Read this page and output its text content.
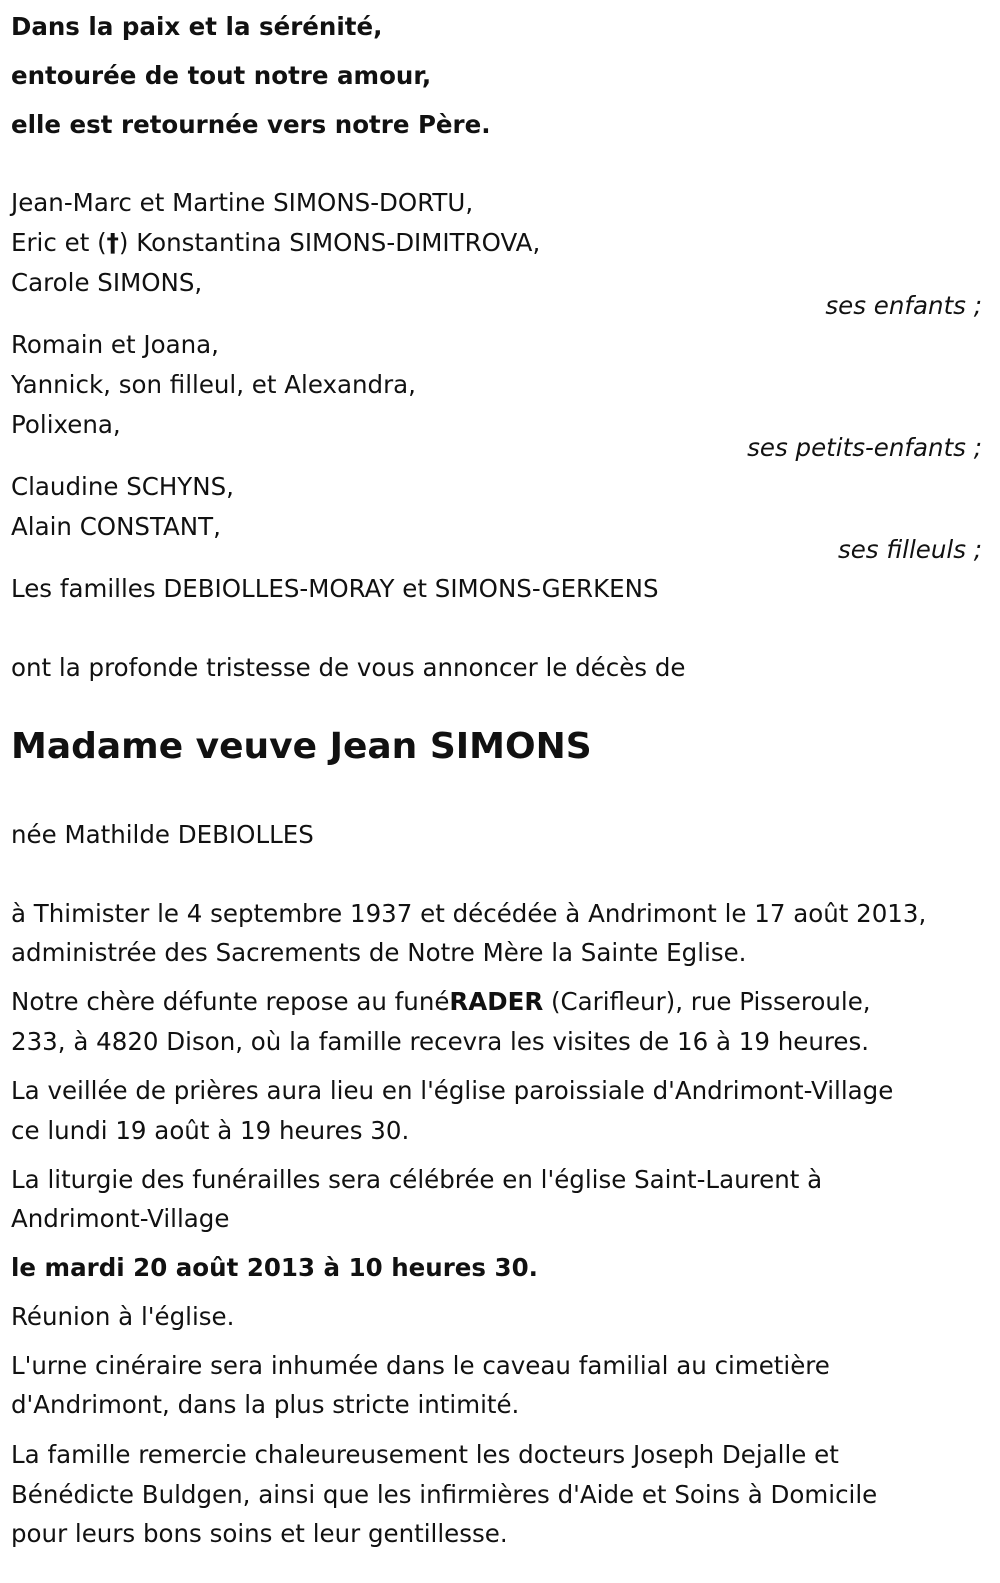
Dans la paix et la sérénité,
entourée de tout notre amour,
elle est retournée vers notre Père.
Jean-Marc et Martine SIMONS-DORTU,
Eric et (†) Konstantina SIMONS-DIMITROVA,
Carole SIMONS,
ses enfants ;
Romain et Joana,
Yannick, son filleul, et Alexandra,
Polixena,
ses petits-enfants ;
Claudine SCHYNS,
Alain CONSTANT,
ses filleuls ;
Les familles DEBIOLLES-MORAY et SIMONS-GERKENS
ont la profonde tristesse de vous annoncer le décès de
Madame veuve Jean SIMONS
née Mathilde DEBIOLLES
à Thimister le 4 septembre 1937 et décédée à Andrimont le 17 août 2013,
administrée des Sacrements de Notre Mère la Sainte Eglise.
Notre chère défunte repose au funéRADER (Carifleur), rue Pisseroule,
233, à 4820 Dison, où la famille recevra les visites de 16 à 19 heures.
La veillée de prières aura lieu en l'église paroissiale d'Andrimont-Village
ce lundi 19 août à 19 heures 30.
La liturgie des funérailles sera célébrée en l'église Saint-Laurent à
Andrimont-Village
le mardi 20 août 2013 à 10 heures 30.
Réunion à l'église.
L'urne cinéraire sera inhumée dans le caveau familial au cimetière
d'Andrimont, dans la plus stricte intimité.
La famille remercie chaleureusement les docteurs Joseph Dejalle et
Bénédicte Buldgen, ainsi que les infirmières d'Aide et Soins à Domicile
pour leurs bons soins et leur gentillesse.
